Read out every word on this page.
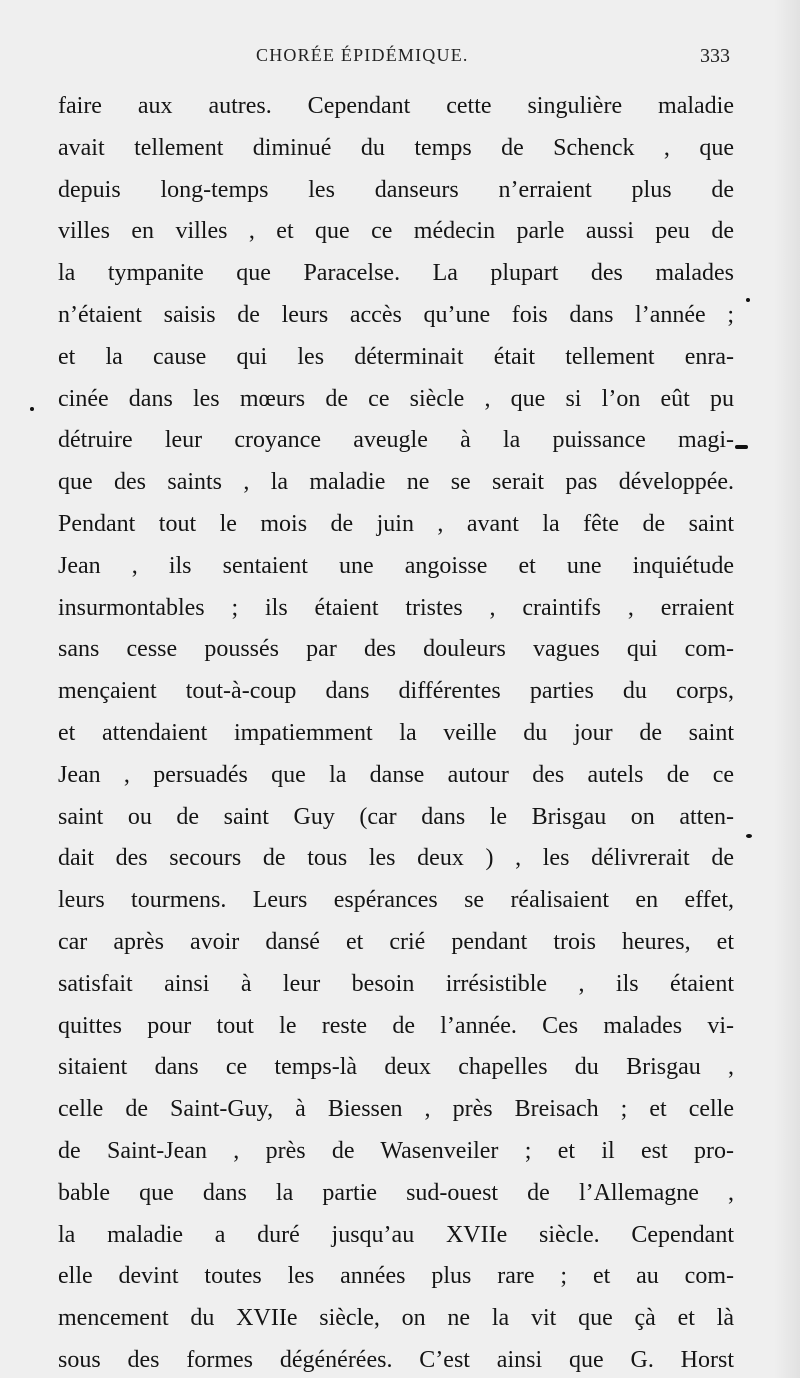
CHORÉE ÉPIDÉMIQUE.	333
faire aux autres. Cependant cette singulière maladie
avait tellement diminué du temps de Schenck , que
depuis long-temps les danseurs n’erraient plus de
villes en villes , et que ce médecin parle aussi peu de
la tympanite que Paracelse. La plupart des malades
n’étaient saisis de leurs accès qu’une fois dans l’année ;
et la cause qui les déterminait était tellement enra-
cinée dans les mœurs de ce siècle , que si l’on eût pu
détruire leur croyance aveugle à la puissance magi-
que des saints , la maladie ne se serait pas développée.
Pendant tout le mois de juin , avant la fête de saint
Jean , ils sentaient une angoisse et une inquiétude
insurmontables ; ils étaient tristes , craintifs , erraient
sans cesse poussés par des douleurs vagues qui com-
mençaient tout-à-coup dans différentes parties du corps,
et attendaient impatiemment la veille du jour de saint
Jean , persuadés que la danse autour des autels de ce
saint ou de saint Guy (car dans le Brisgau on atten-
dait des secours de tous les deux ) , les délivrerait de
leurs tourmens. Leurs espérances se réalisaient en effet,
car après avoir dansé et crié pendant trois heures, et
satisfait ainsi à leur besoin irrésistible , ils étaient
quittes pour tout le reste de l’année. Ces malades vi-
sitaient dans ce temps-là deux chapelles du Brisgau ,
celle de Saint-Guy, à Biessen , près Breisach ; et celle
de Saint-Jean , près de Wasenveiler ; et il est pro-
bable que dans la partie sud-ouest de l’Allemagne ,
la maladie a duré jusqu’au XVIIe siècle. Cependant
elle devint toutes les années plus rare ; et au com-
mencement du XVIIe siècle, on ne la vit que çà et là
sous des formes dégénérées. C’est ainsi que G. Horst
